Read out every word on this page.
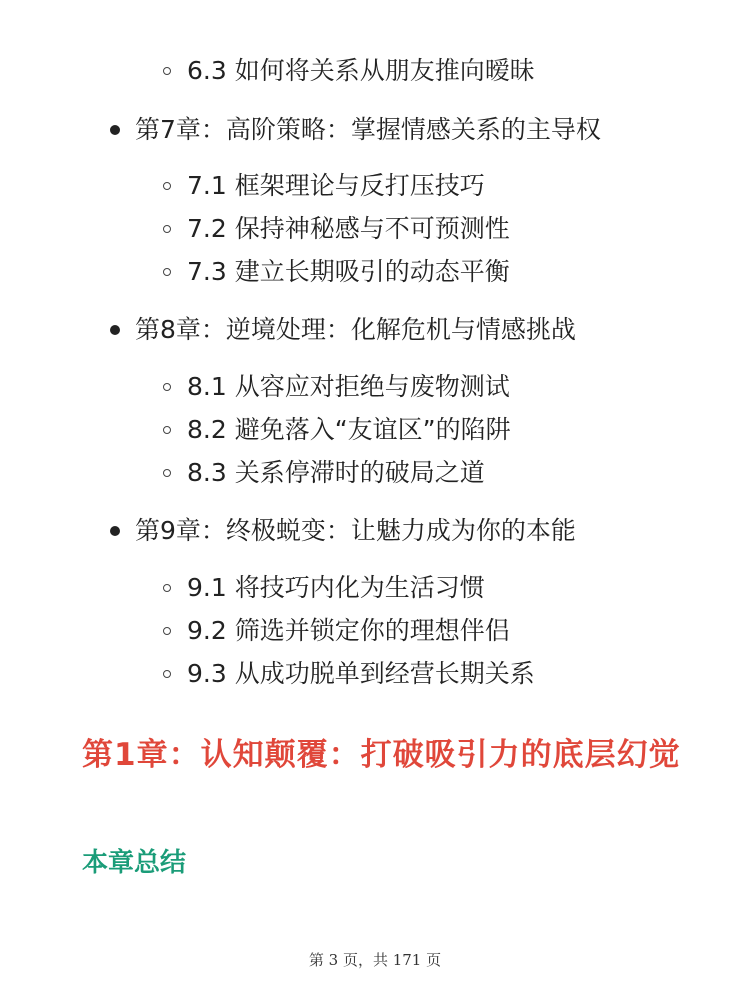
6.3 如何将关系从朋友推向暧昧
第7章：高阶策略：掌握情感关系的主导权
7.1 框架理论与反打压技巧
7.2 保持神秘感与不可预测性
7.3 建立长期吸引的动态平衡
第8章：逆境处理：化解危机与情感挑战
8.1 从容应对拒绝与废物测试
8.2 避免落入“友谊区”的陷阱
8.3 关系停滞时的破局之道
第9章：终极蜕变：让魅力成为你的本能
9.1 将技巧内化为生活习惯
9.2 筛选并锁定你的理想伴侣
9.3 从成功脱单到经营长期关系
第1章：认知颠覆：打破吸引力的底层幻觉
本章总结
第 3 页，共 171 页
